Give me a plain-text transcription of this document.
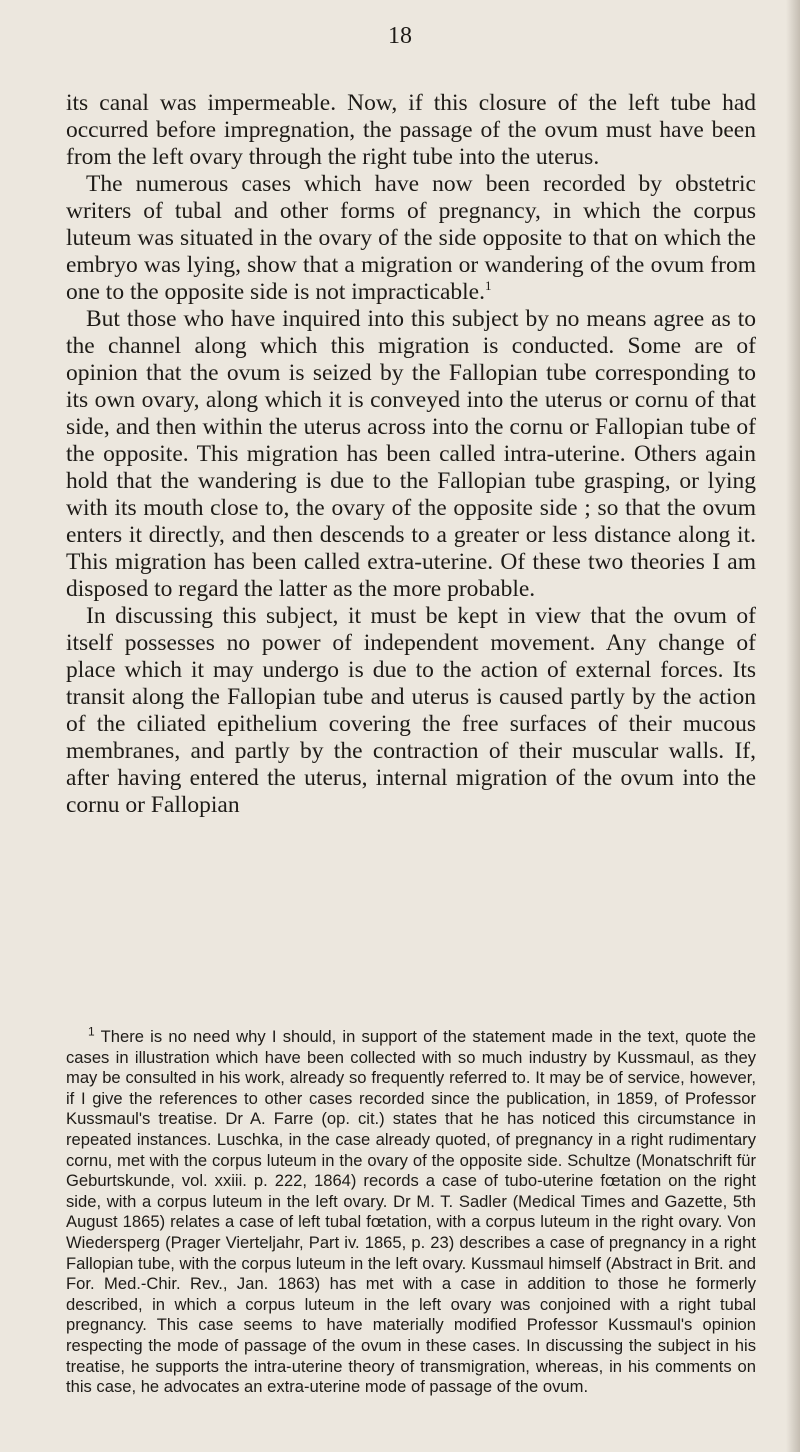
18

its canal was impermeable. Now, if this closure of the left tube had occurred before impregnation, the passage of the ovum must have been from the left ovary through the right tube into the uterus.

The numerous cases which have now been recorded by obstetric writers of tubal and other forms of pregnancy, in which the corpus luteum was situated in the ovary of the side opposite to that on which the embryo was lying, show that a migration or wandering of the ovum from one to the opposite side is not impracticable.$^1$

But those who have inquired into this subject by no means agree as to the channel along which this migration is conducted. Some are of opinion that the ovum is seized by the Fallopian tube corresponding to its own ovary, along which it is conveyed into the uterus or cornu of that side, and then within the uterus across into the cornu or Fallopian tube of the opposite. This migration has been called intra-uterine. Others again hold that the wandering is due to the Fallopian tube grasping, or lying with its mouth close to, the ovary of the opposite side ; so that the ovum enters it directly, and then descends to a greater or less distance along it. This migration has been called extra-uterine. Of these two theories I am disposed to regard the latter as the more probable.

In discussing this subject, it must be kept in view that the ovum of itself possesses no power of independent movement. Any change of place which it may undergo is due to the action of external forces. Its transit along the Fallopian tube and uterus is caused partly by the action of the ciliated epithelium covering the free surfaces of their mucous membranes, and partly by the contraction of their muscular walls. If, after having entered the uterus, internal migration of the ovum into the cornu or Fallopian

$^1$ There is no need why I should, in support of the statement made in the text, quote the cases in illustration which have been collected with so much industry by Kussmaul, as they may be consulted in his work, already so frequently referred to. It may be of service, however, if I give the references to other cases recorded since the publication, in 1859, of Professor Kussmaul's treatise. Dr A. Farre (op. cit.) states that he has noticed this circumstance in repeated instances. Luschka, in the case already quoted, of pregnancy in a right rudimentary cornu, met with the corpus luteum in the ovary of the opposite side. Schultze (Monatschrift für Geburtskunde, vol. xxiii. p. 222, 1864) records a case of tubo-uterine fœtation on the right side, with a corpus luteum in the left ovary. Dr M. T. Sadler (Medical Times and Gazette, 5th August 1865) relates a case of left tubal fœtation, with a corpus luteum in the right ovary. Von Wiedersperg (Prager Vierteljahr, Part iv. 1865, p. 23) describes a case of pregnancy in a right Fallopian tube, with the corpus luteum in the left ovary. Kussmaul himself (Abstract in Brit. and For. Med.-Chir. Rev., Jan. 1863) has met with a case in addition to those he formerly described, in which a corpus luteum in the left ovary was conjoined with a right tubal pregnancy. This case seems to have materially modified Professor Kussmaul's opinion respecting the mode of passage of the ovum in these cases. In discussing the subject in his treatise, he supports the intra-uterine theory of transmigration, whereas, in his comments on this case, he advocates an extra-uterine mode of passage of the ovum.
